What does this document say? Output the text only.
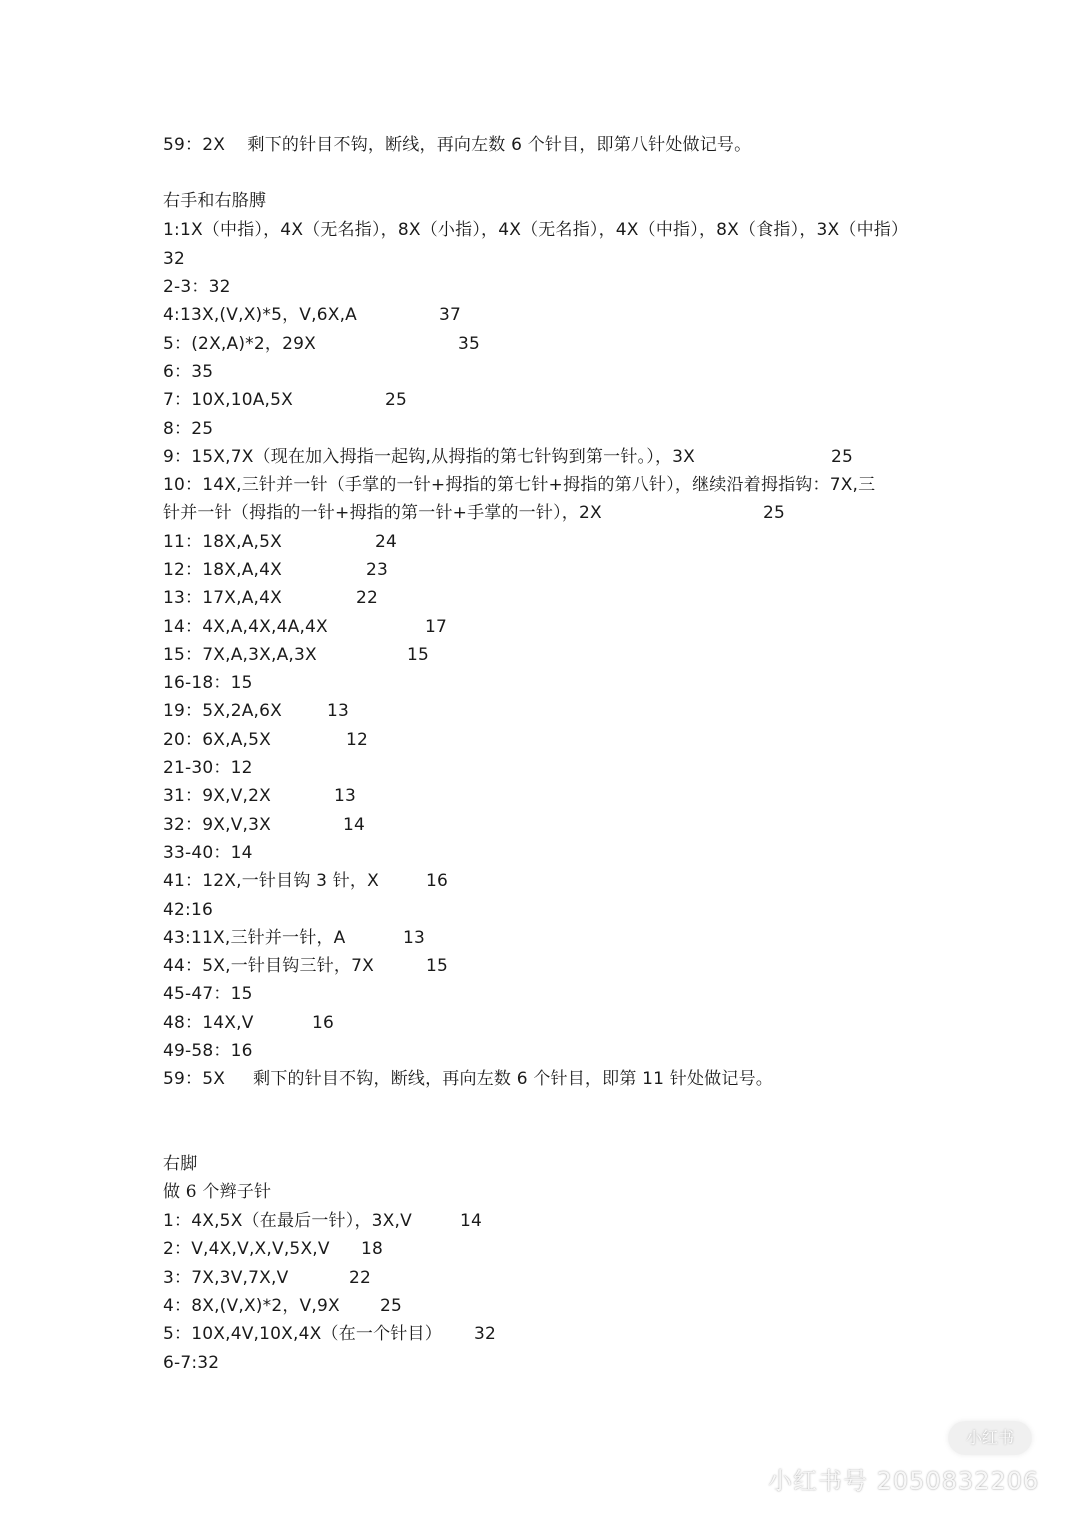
59：2X    剩下的针目不钩，断线，再向左数 6 个针目，即第八针处做记号。
右手和右胳膊
1:1X（中指），4X（无名指），8X（小指），4X（无名指），4X（中指），8X（食指），3X（中指）
32
2-3：32
4:13X,(V,X)*5，V,6X,A	37
5：(2X,A)*2，29X	35
6：35
7：10X,10A,5X	25
8：25
9：15X,7X（现在加入拇指一起钩,从拇指的第七针钩到第一针。），3X	25
10：14X,三针并一针（手掌的一针+拇指的第七针+拇指的第八针），继续沿着拇指钩：7X,三
针并一针（拇指的一针+拇指的第一针+手掌的一针），2X	25
11：18X,A,5X	24
12：18X,A,4X	23
13：17X,A,4X	22
14：4X,A,4X,4A,4X	17
15：7X,A,3X,A,3X	15
16-18：15
19：5X,2A,6X	13
20：6X,A,5X	12
21-30：12
31：9X,V,2X	13
32：9X,V,3X	14
33-40：14
41：12X,一针目钩 3 针，X	16
42:16
43:11X,三针并一针，A	13
44：5X,一针目钩三针，7X	15
45-47：15
48：14X,V	16
49-58：16
59：5X     剩下的针目不钩，断线，再向左数 6 个针目，即第 11 针处做记号。
右脚
做 6 个辫子针
1：4X,5X（在最后一针），3X,V	14
2：V,4X,V,X,V,5X,V 18
3：7X,3V,7X,V	22
4：8X,(V,X)*2，V,9X 25
5：10X,4V,10X,4X（在一个针目） 32
6-7:32
小红书
小红书号 2050832206
